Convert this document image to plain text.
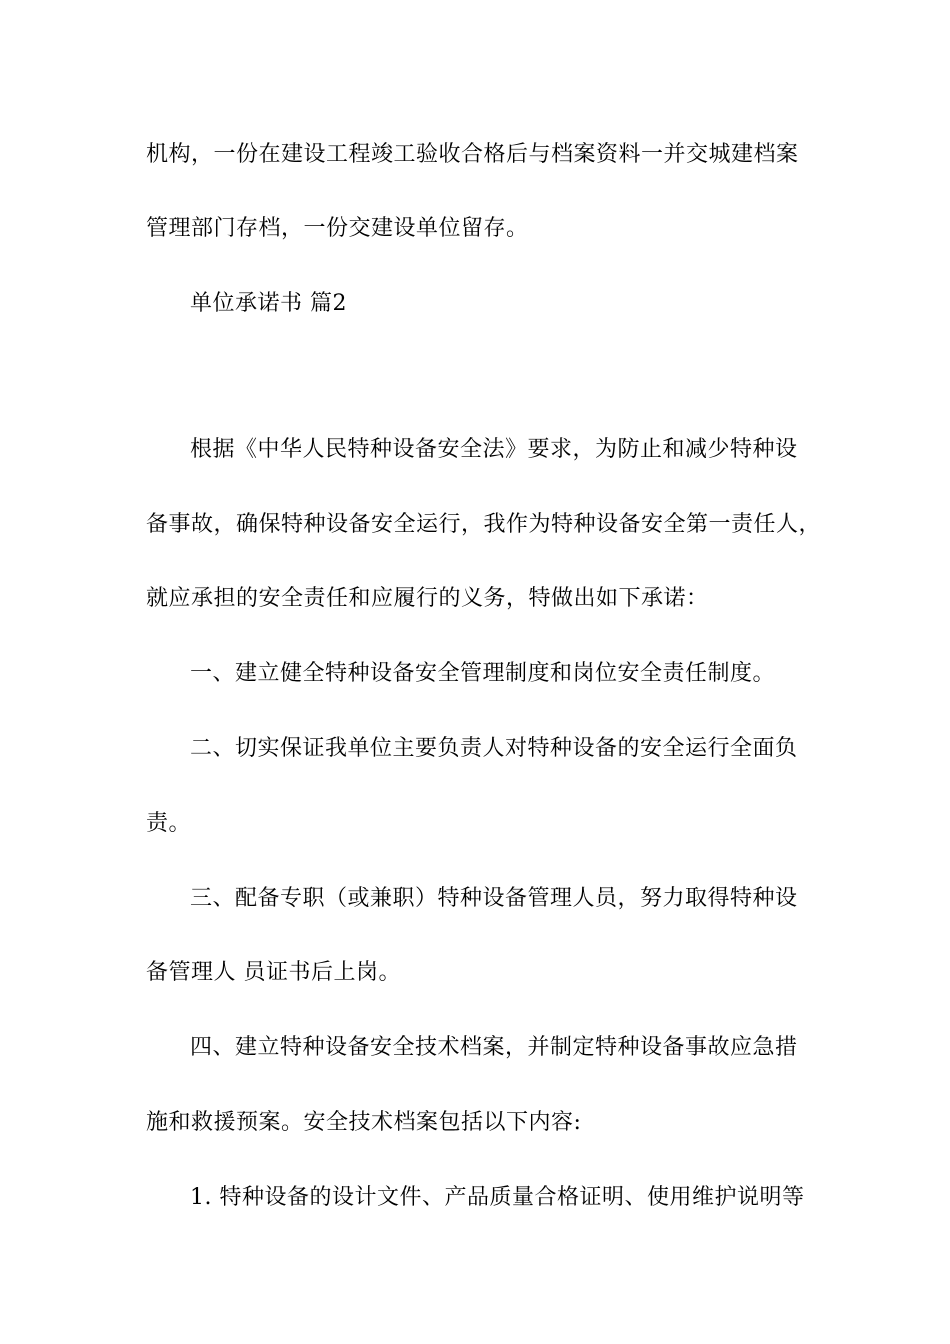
机构，一份在建设工程竣工验收合格后与档案资料一并交城建档案
管理部门存档，一份交建设单位留存。
单位承诺书 篇2
根据《中华人民特种设备安全法》要求，为防止和减少特种设
备事故，确保特种设备安全运行，我作为特种设备安全第一责任人，
就应承担的安全责任和应履行的义务，特做出如下承诺：
一、建立健全特种设备安全管理制度和岗位安全责任制度。
二、切实保证我单位主要负责人对特种设备的安全运行全面负
责。
三、配备专职（或兼职）特种设备管理人员，努力取得特种设
备管理人 员证书后上岗。
四、建立特种设备安全技术档案，并制定特种设备事故应急措
施和救援预案。安全技术档案包括以下内容:
1. 特种设备的设计文件、产品质量合格证明、使用维护说明等
